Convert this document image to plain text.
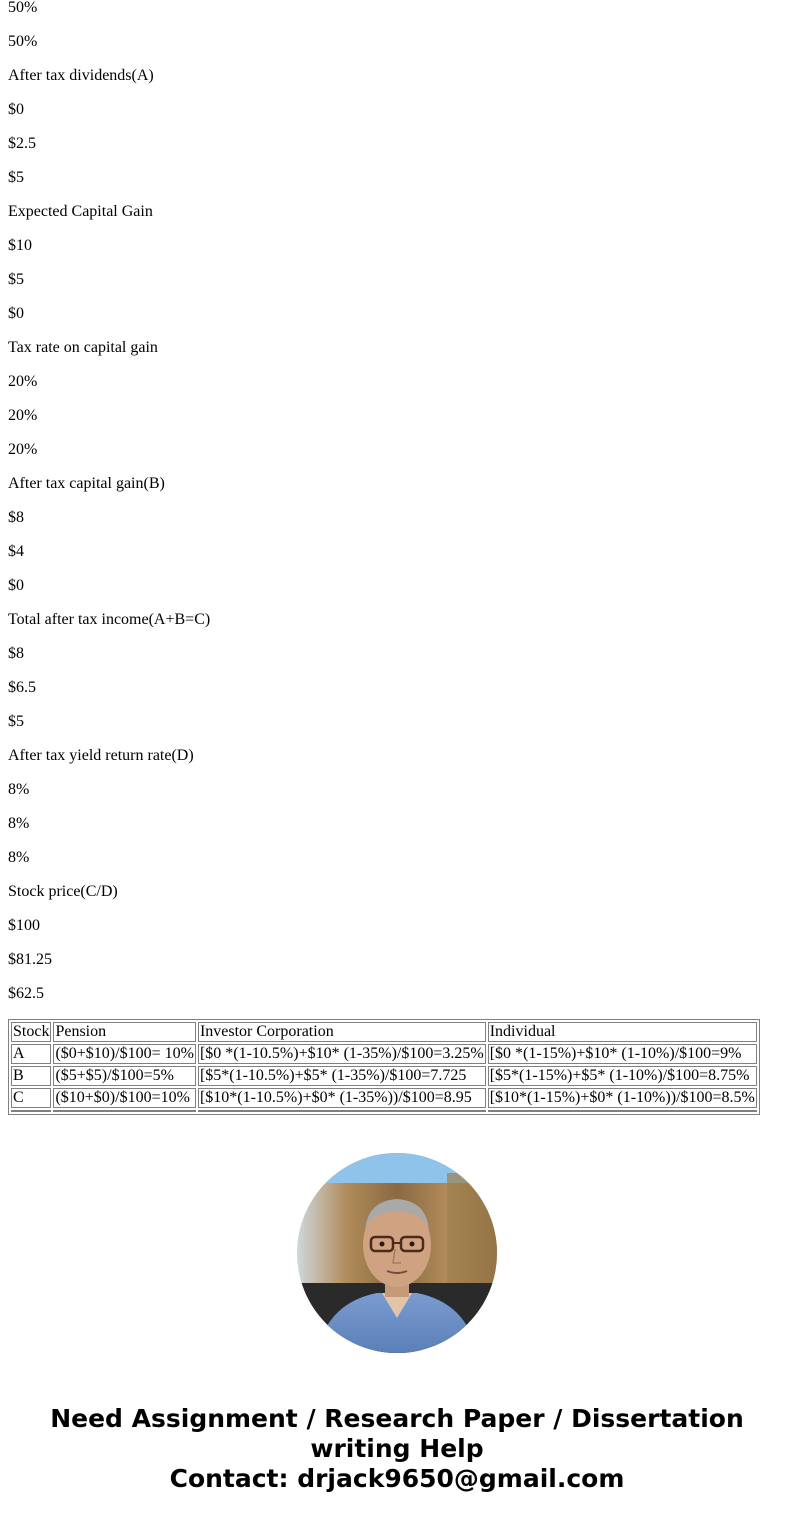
50%

50%

After tax dividends(A)

$0

$2.5

$5

Expected Capital Gain

$10

$5

$0

Tax rate on capital gain

20%

20%

20%

After tax capital gain(B)

$8

$4

$0

Total after tax income(A+B=C)

$8

$6.5

$5

After tax yield return rate(D)

8%

8%

8%

Stock price(C/D)

$100

$81.25

$62.5

Stock	Pension	Investor Corporation	Individual
A	($0+$10)/$100= 10%	[$0 *(1-10.5%)+$10* (1-35%)/$100=3.25%	[$0 *(1-15%)+$10* (1-10%)/$100=9%
B	($5+$5)/$100=5%	[$5*(1-10.5%)+$5* (1-35%)/$100=7.725	[$5*(1-15%)+$5* (1-10%)/$100=8.75%
C	($10+$0)/$100=10%	[$10*(1-10.5%)+$0* (1-35%))/$100=8.95	[$10*(1-15%)+$0* (1-10%))/$100=8.5%

Need Assignment / Research Paper / Dissertation
writing Help
Contact: drjack9650@gmail.com
